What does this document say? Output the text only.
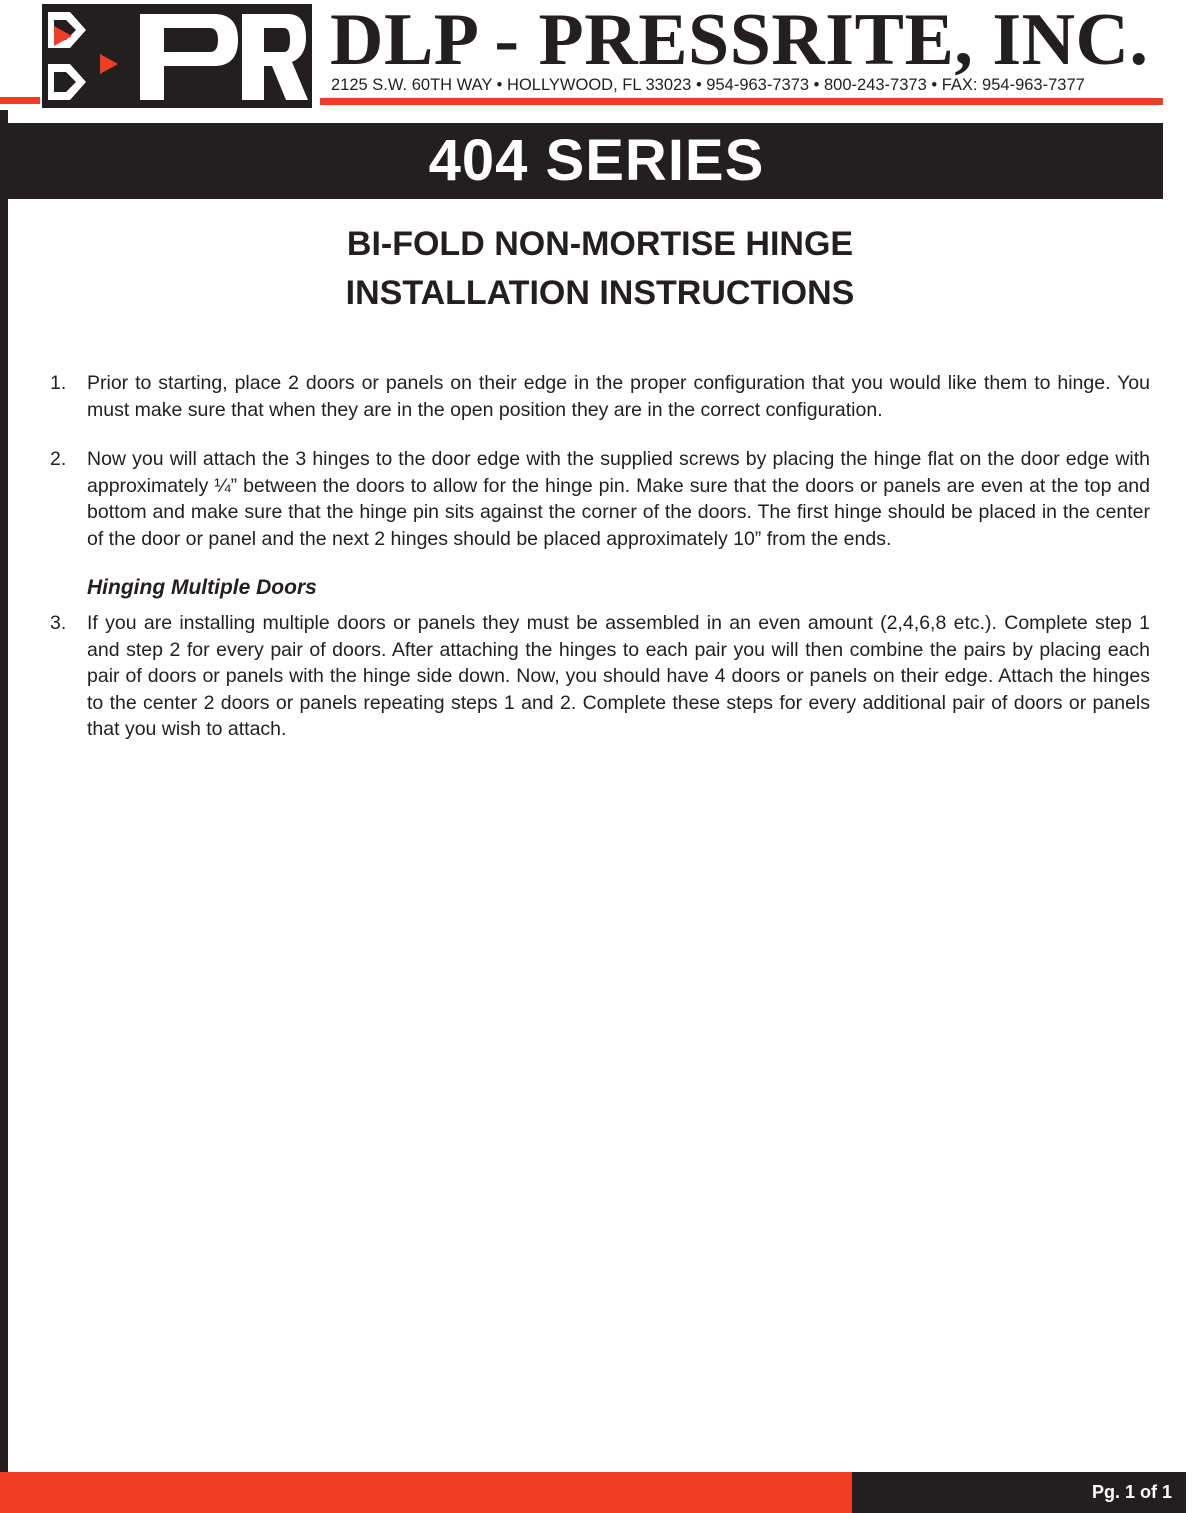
DLP - PRESSRITE, INC.
2125 S.W. 60TH WAY • HOLLYWOOD, FL 33023 • 954-963-7373 • 800-243-7373 • FAX: 954-963-7377
404 SERIES
BI-FOLD NON-MORTISE HINGE
INSTALLATION INSTRUCTIONS
1. Prior to starting, place 2 doors or panels on their edge in the proper configuration that you would like them to hinge. You must make sure that when they are in the open position they are in the correct configuration.
2. Now you will attach the 3 hinges to the door edge with the supplied screws by placing the hinge flat on the door edge with approximately ¼” between the doors to allow for the hinge pin. Make sure that the doors or panels are even at the top and bottom and make sure that the hinge pin sits against the corner of the doors. The first hinge should be placed in the center of the door or panel and the next 2 hinges should be placed approximately 10” from the ends.
Hinging Multiple Doors
3. If you are installing multiple doors or panels they must be assembled in an even amount (2,4,6,8 etc.). Complete step 1 and step 2 for every pair of doors. After attaching the hinges to each pair you will then combine the pairs by placing each pair of doors or panels with the hinge side down. Now, you should have 4 doors or panels on their edge. Attach the hinges to the center 2 doors or panels repeating steps 1 and 2. Complete these steps for every additional pair of doors or panels that you wish to attach.
Pg. 1 of 1
